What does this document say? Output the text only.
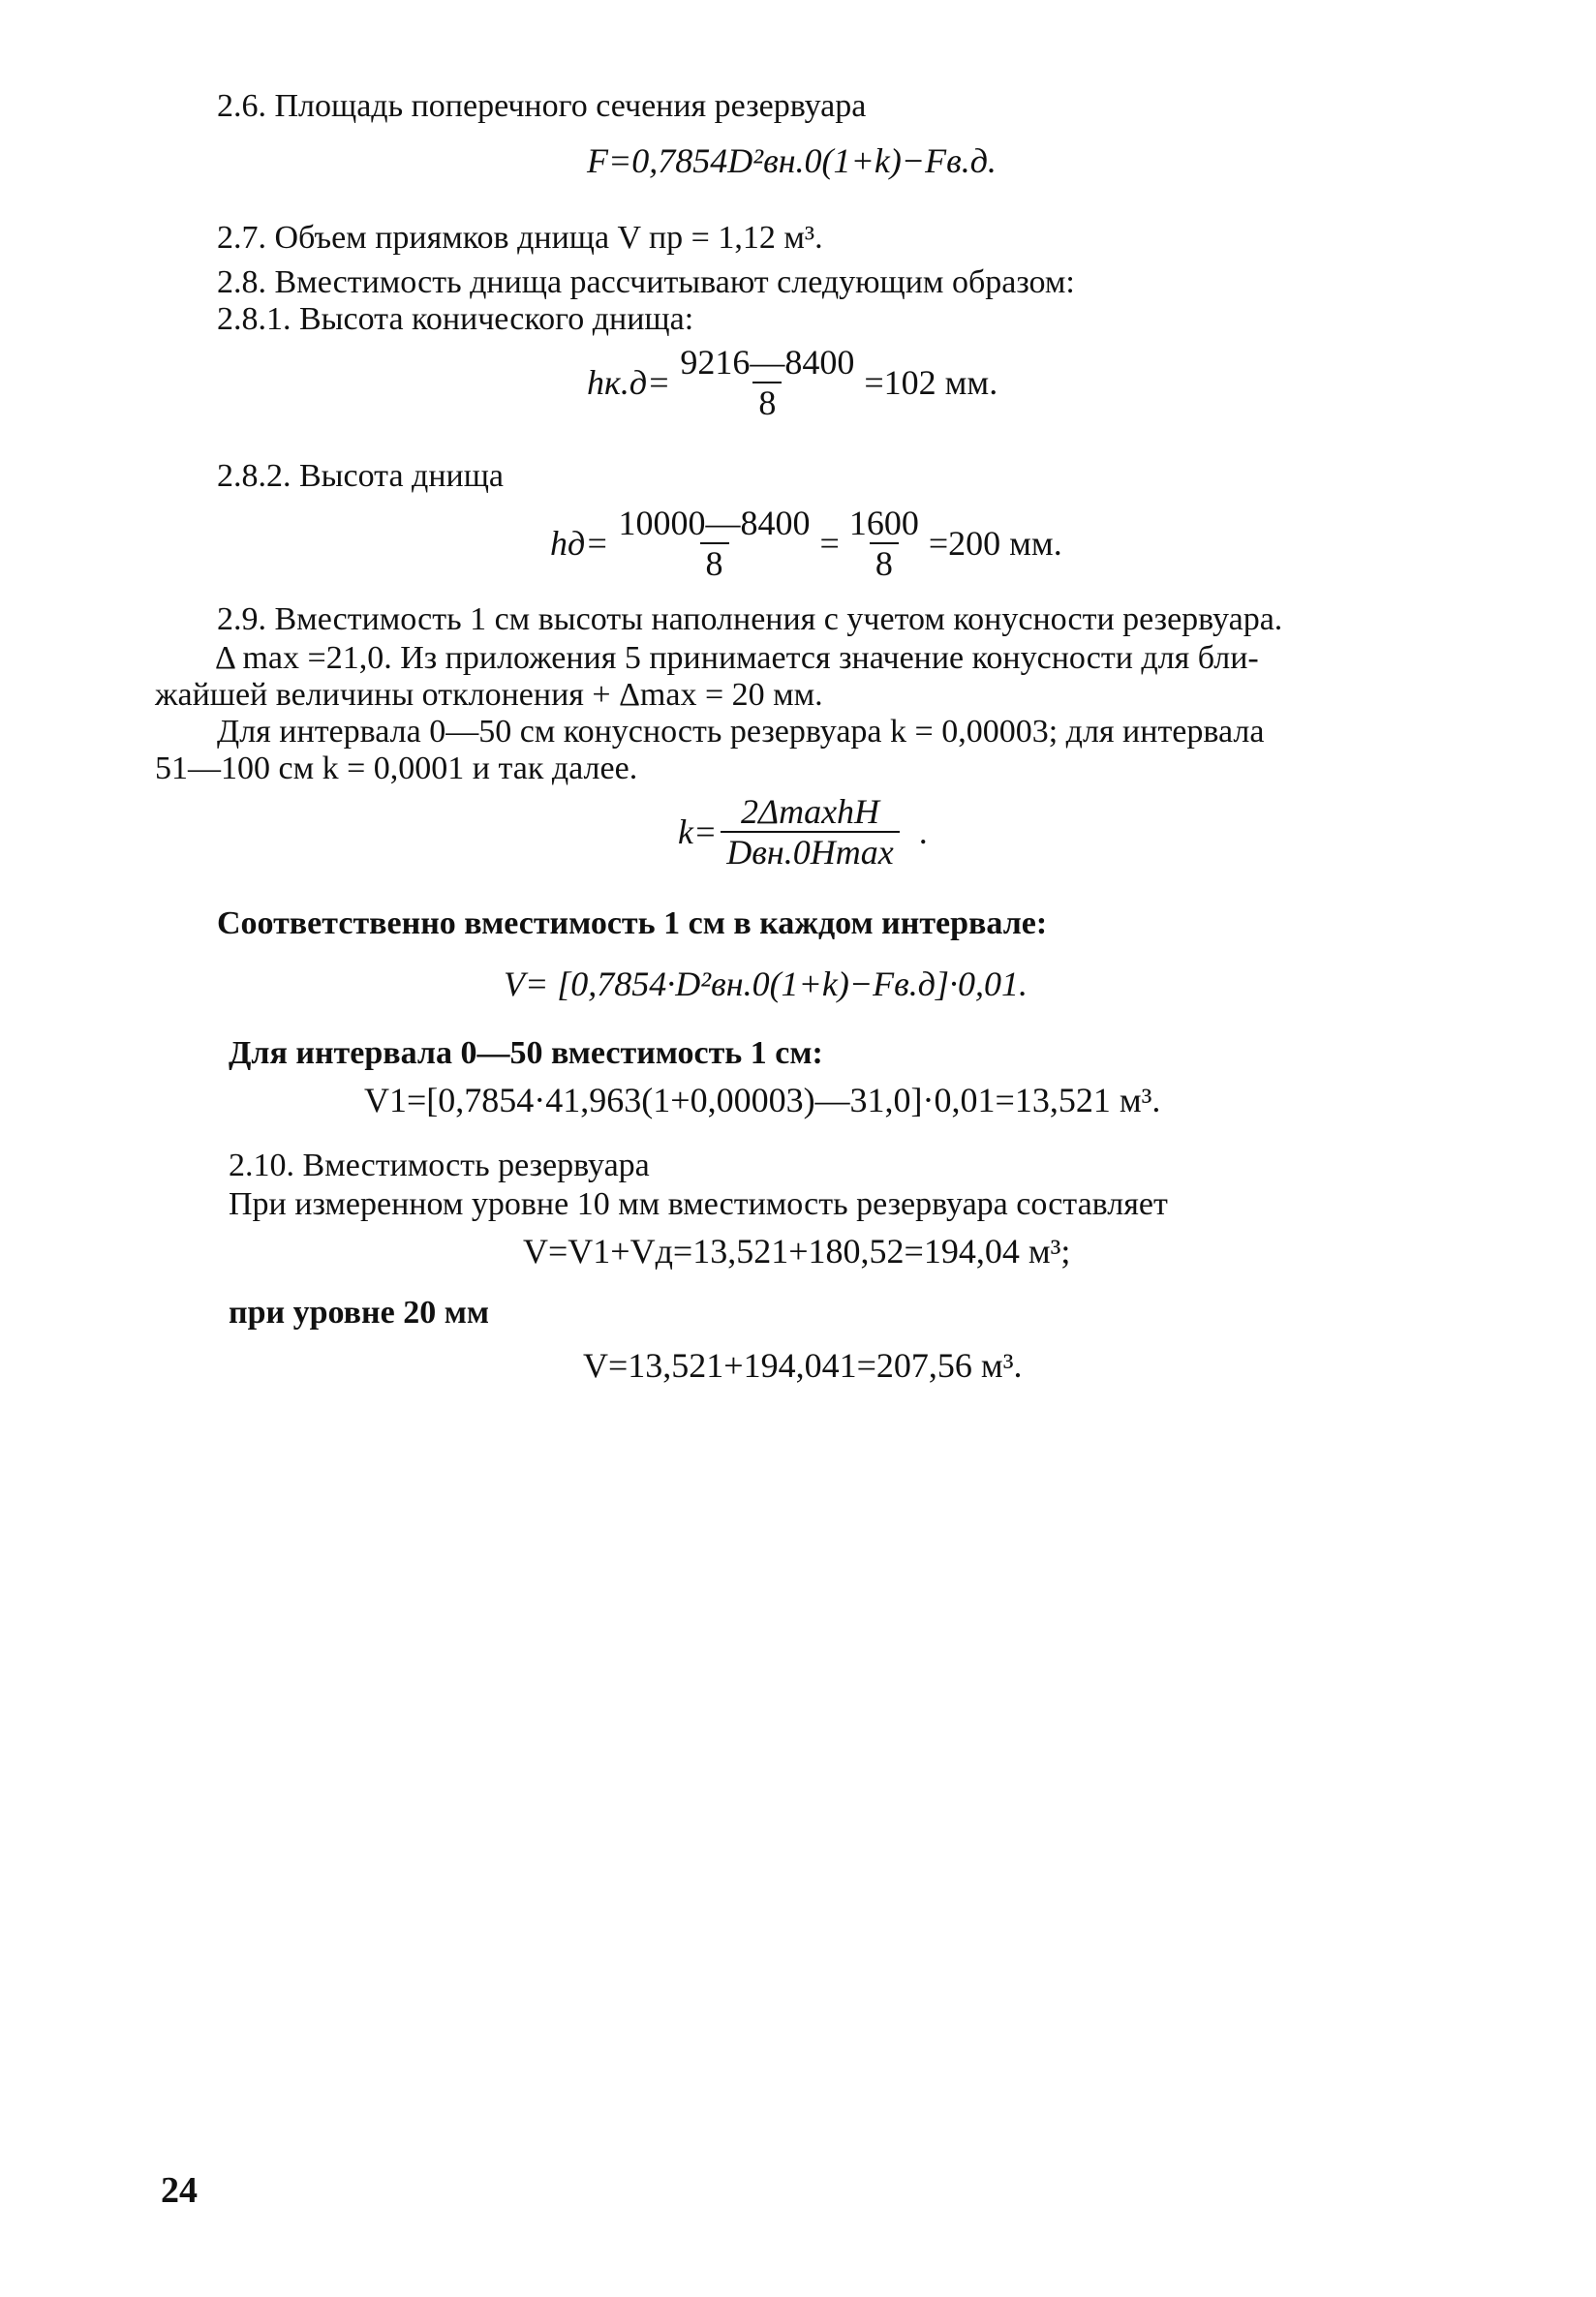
2.6. Площадь поперечного сечения резервуара
F=0,7854D²вн.0(1+k)−Fв.д.
2.7. Объем приямков днища V пр = 1,12 м³.
2.8. Вместимость днища рассчитывают следующим образом:
2.8.1. Высота конического днища:
$hк.д= \frac{9216—8400}{8} =102$ мм.
2.8.2. Высота днища
$hд= \frac{10000—8400}{8} = \frac{1600}{8} =200$ мм.
2.9. Вместимость 1 см высоты наполнения с учетом конусности резервуара.
Δ max =21,0. Из приложения 5 принимается значение конусности для бли-
жайшей величины отклонения + Δmax = 20 мм.
Для интервала 0—50 см конусность резервуара k = 0,00003; для интервала
51—100 см k = 0,0001 и так далее.
$k= \frac{\text{2ΔmaxhH}}{\text{Dвн.0Hmax}}$ .
Соответственно вместимость 1 см в каждом интервале:
V= [0,7854·D²вн.0(1+k)−Fв.д]·0,01.
Для интервала 0—50 вместимость 1 см:
V1=[0,7854·41,963(1+0,00003)—31,0]·0,01=13,521 м³.
2.10. Вместимость резервуара
При измеренном уровне 10 мм вместимость резервуара составляет
V=V1+Vд=13,521+180,52=194,04 м³;
при уровне 20 мм
V=13,521+194,041=207,56 м³.
24
